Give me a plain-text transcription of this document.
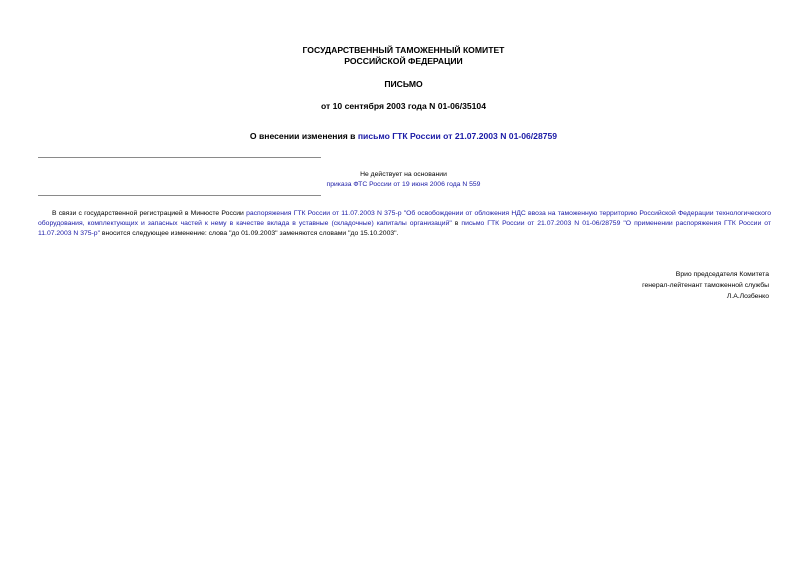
ГОСУДАРСТВЕННЫЙ ТАМОЖЕННЫЙ КОМИТЕТ
РОССИЙСКОЙ ФЕДЕРАЦИИ
ПИСЬМО
от 10 сентября 2003 года N 01-06/35104
О внесении изменения в письмо ГТК России от 21.07.2003 N 01-06/28759
Не действует на основании
приказа ФТС России от 19 июня 2006 года N 559
В связи с государственной регистрацией в Минюсте России распоряжения ГТК России от 11.07.2003 N 375-р "Об освобождении от обложения НДС ввоза на таможенную территорию Российской Федерации технологического оборудования, комплектующих и запасных частей к нему в качестве вклада в уставные (складочные) капиталы организаций" в письмо ГТК России от 21.07.2003 N 01-06/28759 "О применении распоряжения ГТК России от 11.07.2003 N 375-р" вносится следующее изменение: слова "до 01.09.2003" заменяются словами "до 15.10.2003".
Врио председателя Комитета
генерал-лейтенант таможенной службы
Л.А.Лозбенко
